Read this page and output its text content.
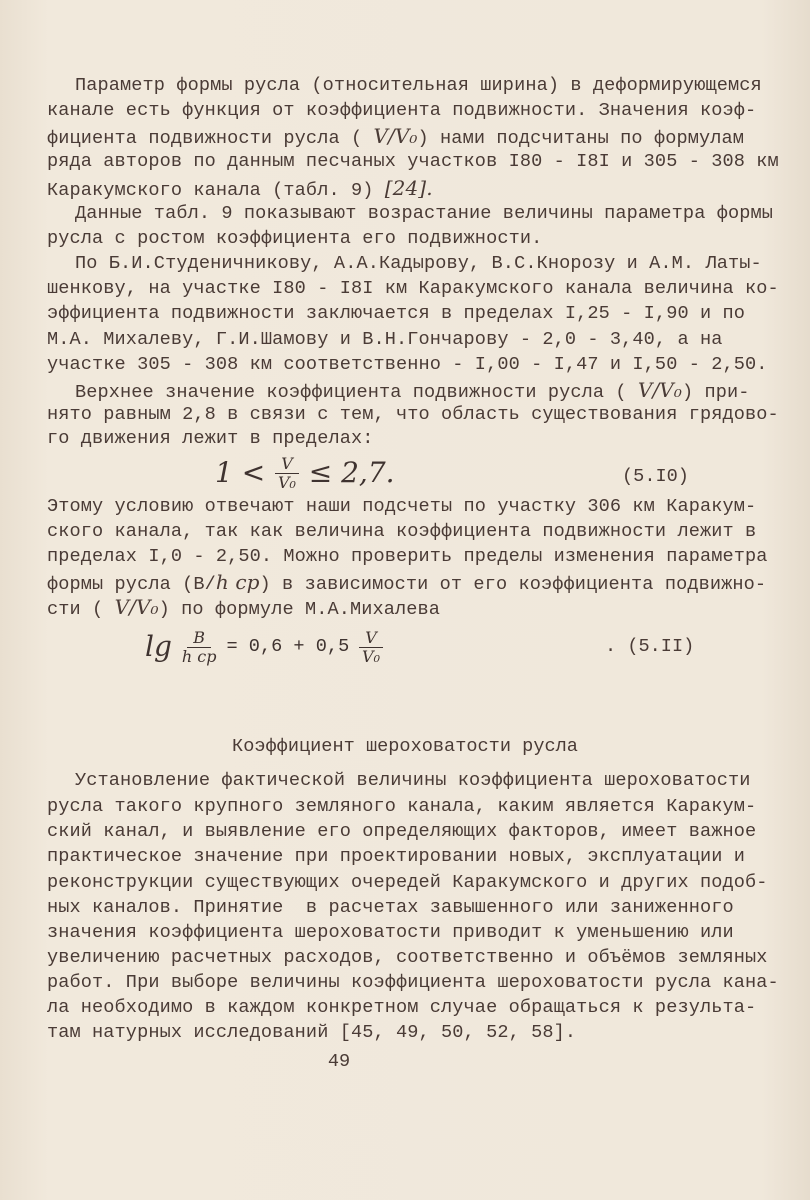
Параметр формы русла (относительная ширина) в деформирующемся
канале есть функция от коэффициента подвижности. Значения коэф-
фициента подвижности русла ( V/V₀) нами подсчитаны по формулам
ряда авторов по данным песчаных участков I80 - I8I и 305 - 308 км
Каракумского канала (табл. 9) [24].
Данные табл. 9 показывают возрастание величины параметра формы
русла с ростом коэффициента его подвижности.
По Б.И.Студеничникову, А.А.Кадырову, В.С.Кнорозу и А.М. Латы-
шенкову, на участке I80 - I8I км Каракумского канала величина ко-
эффициента подвижности заключается в пределах I,25 - I,90 и по
М.А. Михалеву, Г.И.Шамову и В.Н.Гончарову - 2,0 - 3,40, а на
участке 305 - 308 км соответственно - I,00 - I,47 и I,50 - 2,50.
Верхнее значение коэффициента подвижности русла ( V/V₀) при-
нято равным 2,8 в связи с тем, что область существования грядово-
го движения лежит в пределах:
$1 < \frac{V}{\text{V₀}} \le 2,7$.	(5.I0)
Этому условию отвечают наши подсчеты по участку 306 км Каракум-
ского канала, так как величина коэффициента подвижности лежит в
пределах I,0 - 2,50. Можно проверить пределы изменения параметра
формы русла (B/h ср) в зависимости от его коэффициента подвижно-
сти ( V/V₀) по формуле М.А.Михалева
$\lg \frac{B}{\text{h ср}} = 0,6 + 0,5 \frac{V}{\text{V₀}}$	. (5.II)
Коэффициент шероховатости русла
Установление фактической величины коэффициента шероховатости
русла такого крупного земляного канала, каким является Каракум-
ский канал, и выявление его определяющих факторов, имеет важное
практическое значение при проектировании новых, эксплуатации и
реконструкции существующих очередей Каракумского и других подоб-
ных каналов. Принятие  в расчетах завышенного или заниженного
значения коэффициента шероховатости приводит к уменьшению или
увеличению расчетных расходов, соответственно и объёмов земляных
работ. При выборе величины коэффициента шероховатости русла кана-
ла необходимо в каждом конкретном случае обращаться к результа-
там натурных исследований [45, 49, 50, 52, 58].
49
